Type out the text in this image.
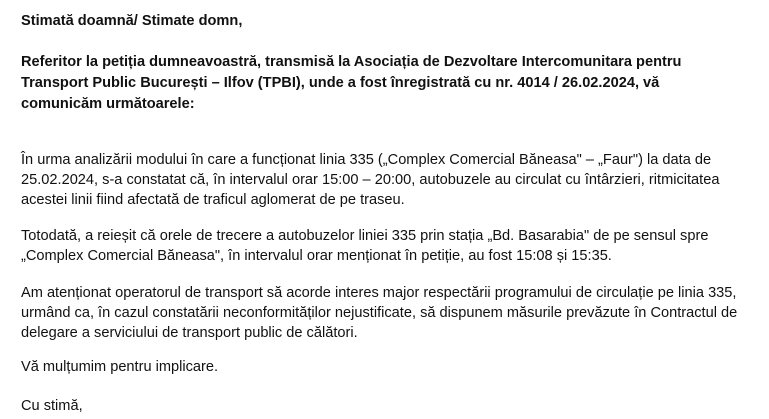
Stimată doamnă/ Stimate domn,

Referitor la petiția dumneavoastră, transmisă la Asociația de Dezvoltare Intercomunitara pentru
Transport Public București – Ilfov (TPBI), unde a fost înregistrată cu nr. 4014 / 26.02.2024, vă
comunicăm următoarele:

În urma analizării modului în care a funcționat linia 335 („Complex Comercial Băneasa" – „Faur") la data de
25.02.2024, s-a constatat că, în intervalul orar 15:00 – 20:00, autobuzele au circulat cu întârzieri, ritmicitatea
acestei linii fiind afectată de traficul aglomerat de pe traseu.

Totodată, a reieșit că orele de trecere a autobuzelor liniei 335 prin stația „Bd. Basarabia" de pe sensul spre
„Complex Comercial Băneasa", în intervalul orar menționat în petiție, au fost 15:08 și 15:35.

Am atenționat operatorul de transport să acorde interes major respectării programului de circulație pe linia 335,
urmând ca, în cazul constatării neconformităților nejustificate, să dispunem măsurile prevăzute în Contractul de
delegare a serviciului de transport public de călători.

Vă mulțumim pentru implicare.

Cu stimă,
